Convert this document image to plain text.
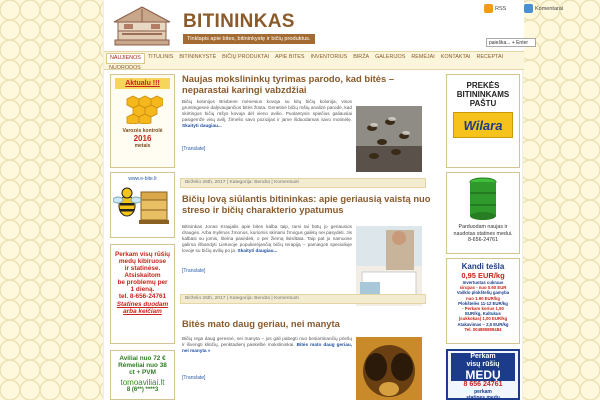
BITININKAS
Tinklapis apie bites, bitininkystę ir bičių produktus.
RSS	Komentarai
NAUJIENOS	TITULINIS	BITININKYSTĖ	BIČIŲ PRODUKTAI	APIE BITES	INVENTORIUS	BIRŽA	GALERIJOS	REMĖJAI	KONTAKTAI	RECEPTAI
NUORODOS
Aktualu !!!
Varozės kontrolė
2016
metais
www.e-bite.lt
Perkam visų rūšių
medų kibiruose
ir statinėse.
Atsiskaitom
be problemų per
1 dieną.
tel. 8-656-24761
Statines duodam
arba keičiam
Aviliai nuo 72 €
Rėmeliai nuo 38
ct + PVM
tomoaviliai.lt
8 (6**) ****3
Naujas mokslininkų tyrimas parodo, kad bitės – neparastai karingi vabzdžiai
Bičių kolonijos Brisbene mėnesius kovoja su kitų bičių kolonija, visos gruntingesnė dalyvaujančios bitės žūsta. Genetinė bičių rūšių analizė parodė, kad skirtingos bičių rūšys kovoja dėl vieno avilio. Puolantysis spiečius galiausiai pasigemžė visų avilį, žirnelio savo pozicijas ir jame išduodamas savo motinėlę. Skaityti daugiau...
[Translate]
Birželio 26th, 2017 | Kategorija: Bendra | Komentuoti
Bičių lovą siūlantis bitininkas: apie geriausią vaistą nuo streso ir bičių charakterio ypatumus
Bitininkas Jonas Kraujalis apie bites kalba taip, tarsi tai būtų jo geriausios draugės. Arba mylimos žmonos, kuriomis skiriami žmogus galėtų nei pasydėti. Jis kalbasi su jomis, šteina pasėdėti, o per žiemą ilsisiltata. Taip pat jo namuose galima išbandyti Lietuvoje populiarėjančią bičių terapiją – pamiegoti specialioje lovoje su bičių avilių po ja. Skaityti daugiau...
[Translate]
Birželio 26th, 2017 | Kategorija: Bendra | Komentuoti
Bitės mato daug geriau, nei manyta
Bičių rega daug geresnė, nei manyta – jos gali pabegti nuo besiartinančių priešų ir išvengti kliūčių, penktadienį paskelbė mokslininkai. Bitės mato daug geriau, nei manyta »
[Translate]
PREKĖS
BITININKAMS
PAŠTU
Wilara
Parduodam naujas ir
naudotas statines medui.
8-656-24761
Kandi tešla
0,95 EUR/kg
Invertuotas cukraus
sirupas - nuo 0.60 EUR
Vašklo plokštelių gamyba
nuo 1.90 EUR/kg
Plokštelės 11-12 EUR/kg
- Perkam korius 1,50
EUR/kg, Kaltukus
(sukkokas) 1,00 EUR/kg
Atakavimas – 2,5 EUR/kg
Tel. 004885889484
Perkam
visų rūšių
MEDŲ
8 656 24761
perkam
statines medų
paieška... + Enter
